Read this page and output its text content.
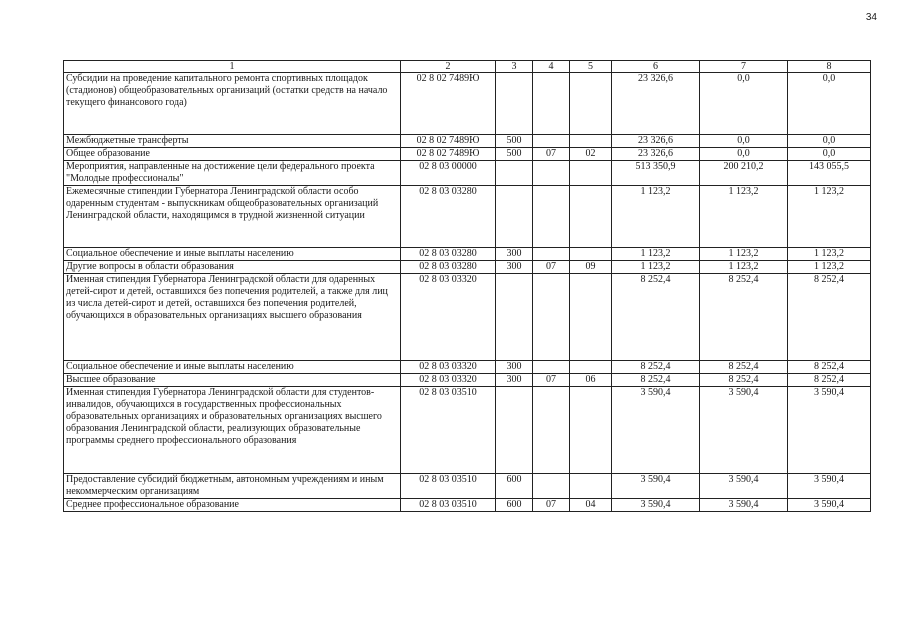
34
1	2	3	4	5	6	7	8
Субсидии на проведение капитального ремонта спортивных площадок (стадионов) общеобразовательных организаций (остатки средств на начало текущего финансового года)	02 8 02 7489Ю				23 326,6	0,0	0,0
Межбюджетные трансферты	02 8 02 7489Ю	500			23 326,6	0,0	0,0
Общее образование	02 8 02 7489Ю	500	07	02	23 326,6	0,0	0,0
Мероприятия, направленные на достижение цели федерального проекта "Молодые профессионалы"	02 8 03 00000				513 350,9	200 210,2	143 055,5
Ежемесячные стипендии Губернатора Ленинградской области особо одаренным студентам - выпускникам общеобразовательных организаций Ленинградской области, находящимся в трудной жизненной ситуации	02 8 03 03280				1 123,2	1 123,2	1 123,2
Социальное обеспечение и иные выплаты населению	02 8 03 03280	300			1 123,2	1 123,2	1 123,2
Другие вопросы в области образования	02 8 03 03280	300	07	09	1 123,2	1 123,2	1 123,2
Именная стипендия Губернатора Ленинградской области для одаренных детей-сирот и детей, оставшихся без попечения родителей, а также для лиц из числа детей-сирот и детей, оставшихся без попечения родителей, обучающихся в образовательных организациях высшего образования	02 8 03 03320				8 252,4	8 252,4	8 252,4
Социальное обеспечение и иные выплаты населению	02 8 03 03320	300			8 252,4	8 252,4	8 252,4
Высшее образование	02 8 03 03320	300	07	06	8 252,4	8 252,4	8 252,4
Именная стипендия Губернатора Ленинградской области для студентов-инвалидов, обучающихся в государственных профессиональных образовательных организациях и образовательных организациях высшего образования Ленинградской области, реализующих образовательные программы среднего профессионального образования	02 8 03 03510				3 590,4	3 590,4	3 590,4
Предоставление субсидий бюджетным, автономным учреждениям и иным некоммерческим организациям	02 8 03 03510	600			3 590,4	3 590,4	3 590,4
Среднее профессиональное образование	02 8 03 03510	600	07	04	3 590,4	3 590,4	3 590,4
